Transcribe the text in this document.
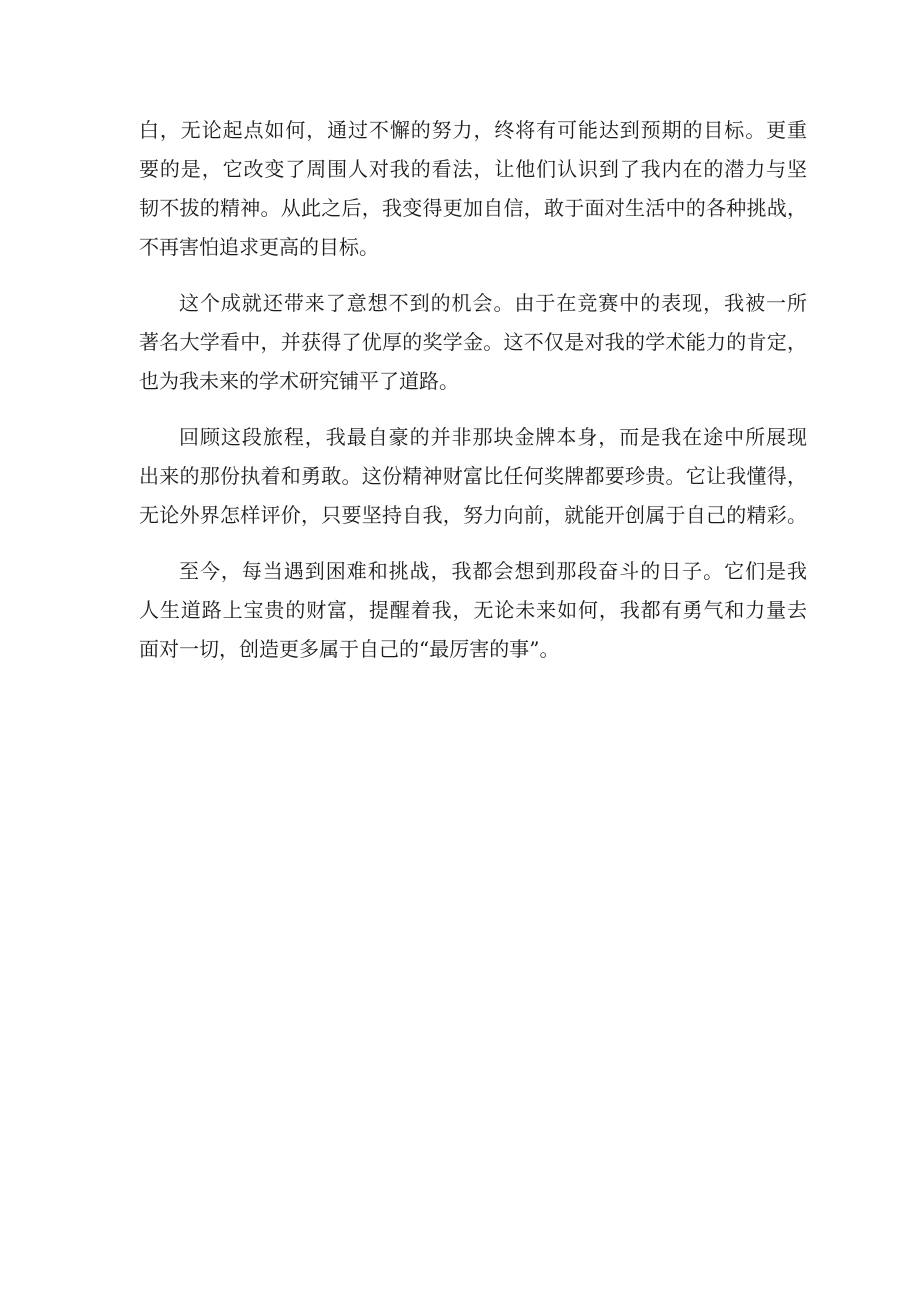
白，无论起点如何，通过不懈的努力，终将有可能达到预期的目标。更重
要的是，它改变了周围人对我的看法，让他们认识到了我内在的潜力与坚
韧不拔的精神。从此之后，我变得更加自信，敢于面对生活中的各种挑战，
不再害怕追求更高的目标。
这个成就还带来了意想不到的机会。由于在竞赛中的表现，我被一所
著名大学看中，并获得了优厚的奖学金。这不仅是对我的学术能力的肯定，
也为我未来的学术研究铺平了道路。
回顾这段旅程，我最自豪的并非那块金牌本身，而是我在途中所展现
出来的那份执着和勇敢。这份精神财富比任何奖牌都要珍贵。它让我懂得，
无论外界怎样评价，只要坚持自我，努力向前，就能开创属于自己的精彩。
至今，每当遇到困难和挑战，我都会想到那段奋斗的日子。它们是我
人生道路上宝贵的财富，提醒着我，无论未来如何，我都有勇气和力量去
面对一切，创造更多属于自己的“最厉害的事”。
